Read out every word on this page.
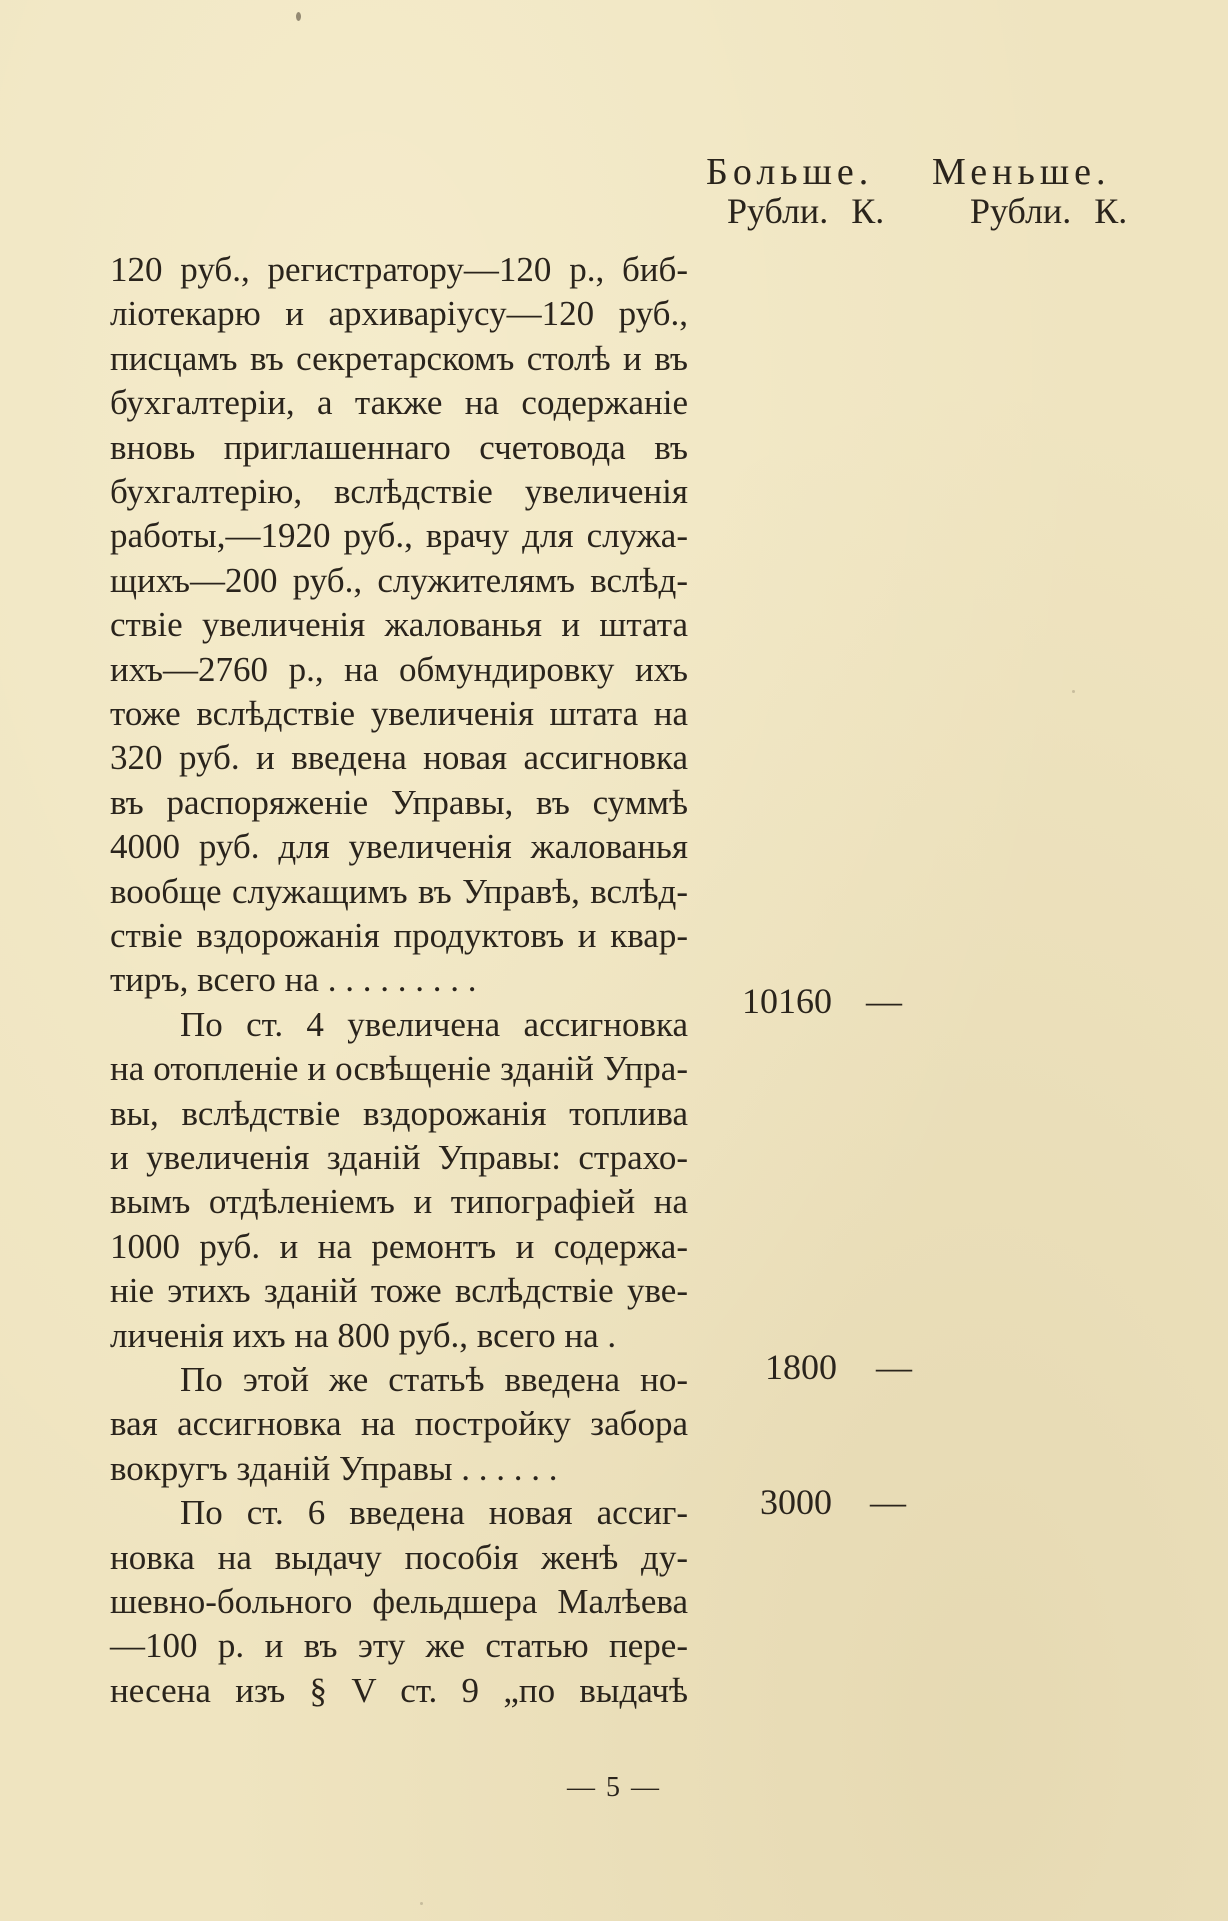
Больше. Меньше.
Рубли. К. Рубли. К.
120 руб., регистратору—120 р., биб-
ліотекарю и архиваріусу—120 руб.,
писцамъ въ секретарскомъ столѣ и въ
бухгалтеріи, а также на содержаніе
вновь приглашеннаго счетовода въ
бухгалтерію, вслѣдствіе увеличенія
работы,—1920 руб., врачу для служа-
щихъ—200 руб., служителямъ вслѣд-
ствіе увеличенія жалованья и штата
ихъ—2760 р., на обмундировку ихъ
тоже вслѣдствіе увеличенія штата на
320 руб. и введена новая ассигновка
въ распоряженіе Управы, въ суммѣ
4000 руб. для увеличенія жалованья
вообще служащимъ въ Управѣ, вслѣд-
ствіе вздорожанія продуктовъ и квар-
тиръ, всего на . . . . . . . . .
По ст. 4 увеличена ассигновка
на отопленіе и освѣщеніе зданій Упра-
вы, вслѣдствіе вздорожанія топлива
и увеличенія зданій Управы: страхо-
вымъ отдѣленіемъ и типографіей на
1000 руб. и на ремонтъ и содержа-
ніе этихъ зданій тоже вслѣдствіе уве-
личенія ихъ на 800 руб., всего на .
По этой же статьѣ введена но-
вая ассигновка на постройку забора
вокругъ зданій Управы . . . . . .
По ст. 6 введена новая ассиг-
новка на выдачу пособія женѣ ду-
шевно-больного фельдшера Малѣева
—100 р. и въ эту же статью пере-
несена изъ § V ст. 9 „по выдачѣ
10160 —
1800 —
3000 —
— 5 —
